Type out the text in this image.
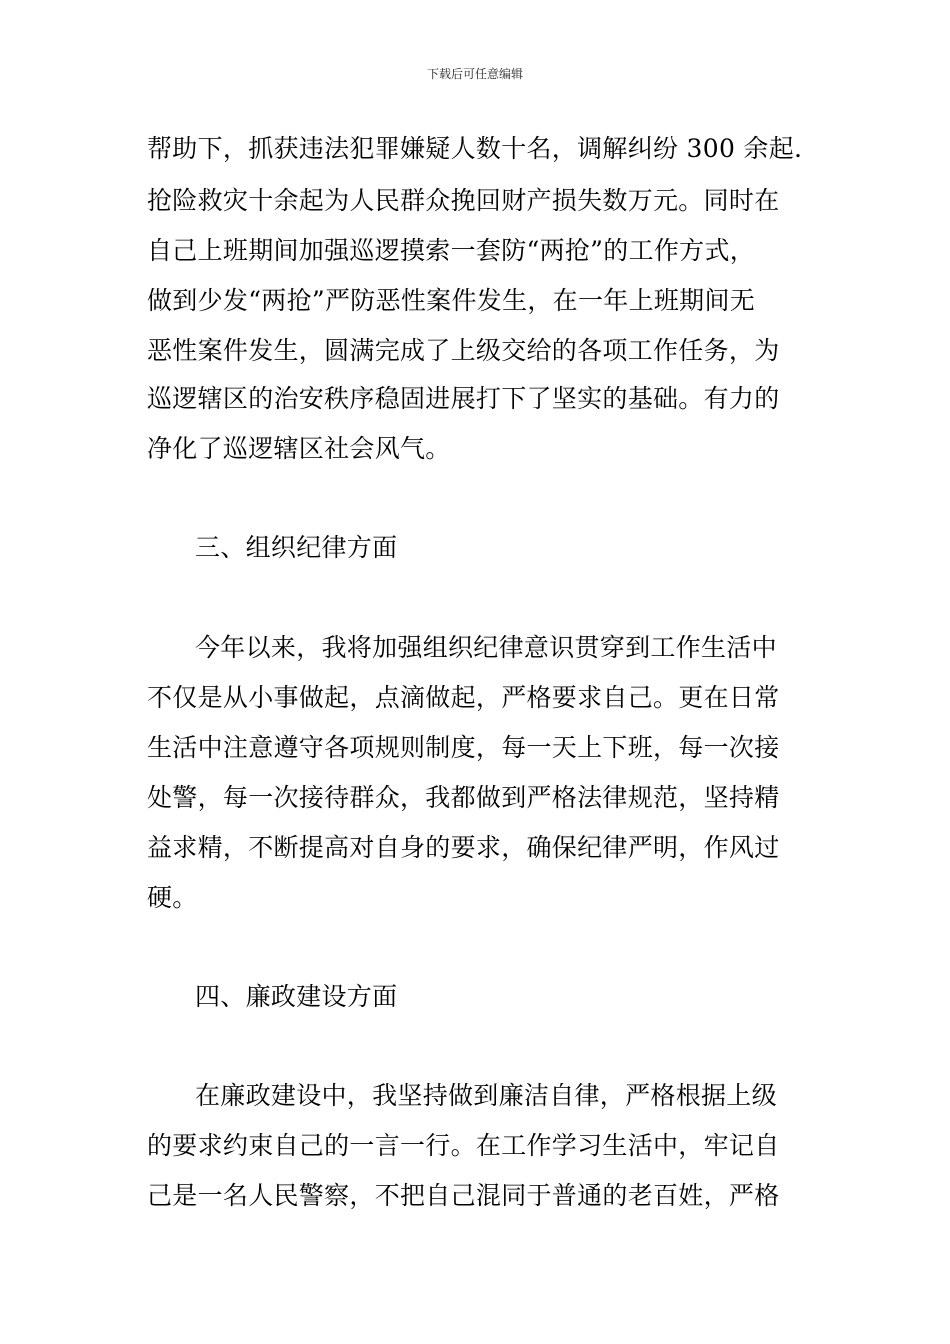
下载后可任意编辑
帮助下，抓获违法犯罪嫌疑人数十名，调解纠纷 300 余起.
抢险救灾十余起为人民群众挽回财产损失数万元。同时在
自己上班期间加强巡逻摸索一套防“两抢”的工作方式，
做到少发“两抢”严防恶性案件发生，在一年上班期间无
恶性案件发生，圆满完成了上级交给的各项工作任务，为
巡逻辖区的治安秩序稳固进展打下了坚实的基础。有力的
净化了巡逻辖区社会风气。
三、组织纪律方面
今年以来，我将加强组织纪律意识贯穿到工作生活中
不仅是从小事做起，点滴做起，严格要求自己。更在日常
生活中注意遵守各项规则制度，每一天上下班，每一次接
处警，每一次接待群众，我都做到严格法律规范，坚持精
益求精，不断提高对自身的要求，确保纪律严明，作风过
硬。
四、廉政建设方面
在廉政建设中，我坚持做到廉洁自律，严格根据上级
的要求约束自己的一言一行。在工作学习生活中，牢记自
己是一名人民警察，不把自己混同于普通的老百姓，严格
